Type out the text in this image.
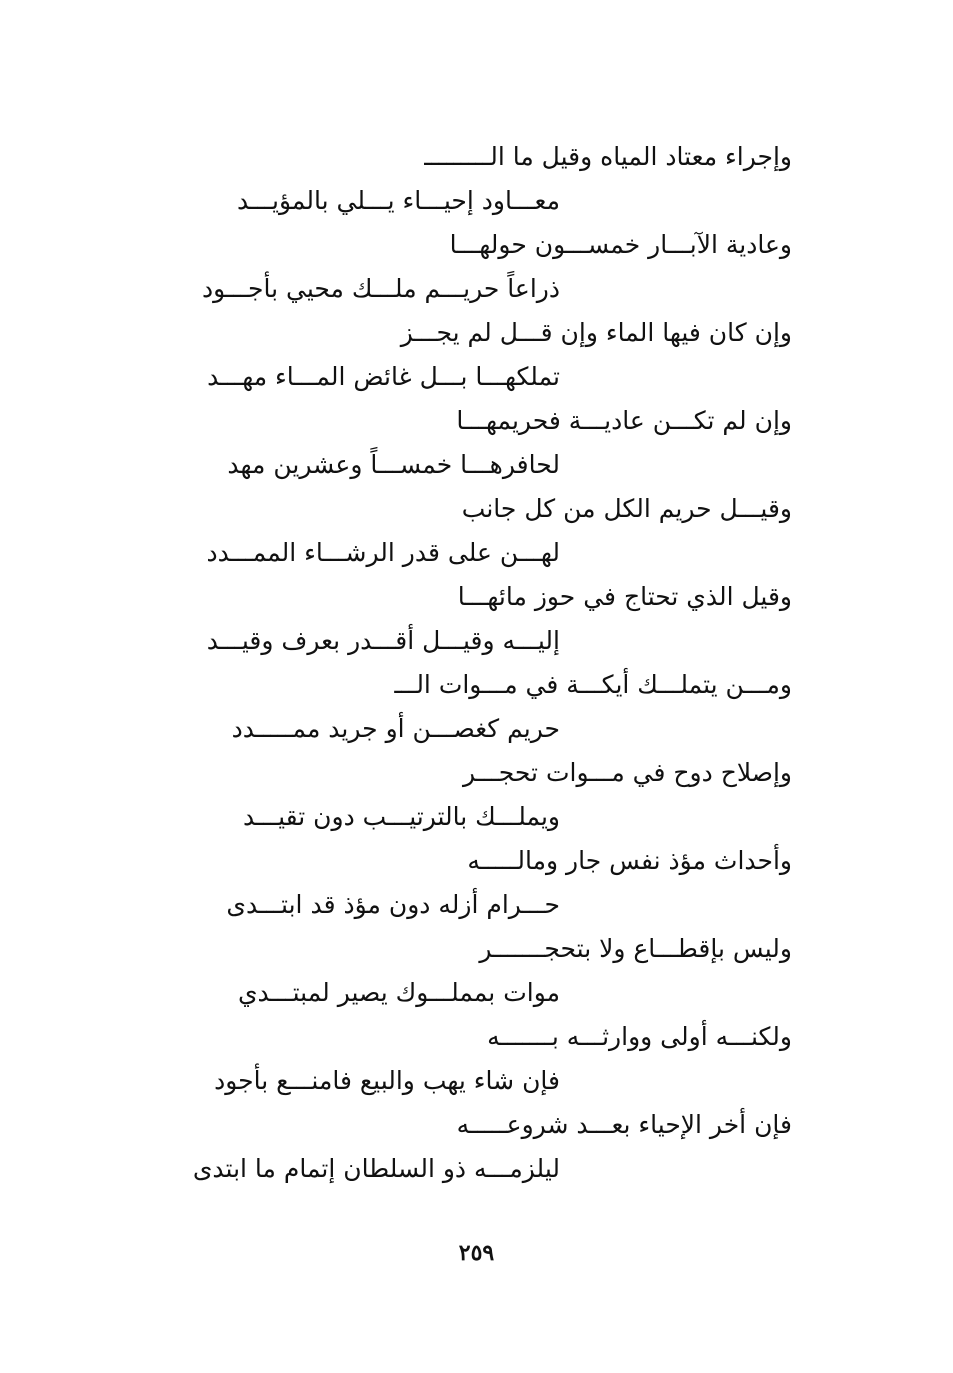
وإجراء معتاد المياه وقيل ما الـــــــــ
معـــاود إحيـــاء يـــلي بالمؤيـــد
وعادية الآبـــار خمســـون حولهـــا
ذراعاً حريـــم ملـــك محيي بأجـــود
وإن كان فيها الماء وإن قـــل لم يجـــز
تملكهـــا بـــل غائض المـــاء مهـــد
وإن لم تكـــن عاديـــة فحريمهـــا
لحافرهـــا خمســـاً وعشرين مهد
وقيـــل حريم الكل من كل جانب
لهـــن على قدر الرشـــاء الممـــدد
وقيل الذي تحتاج في حوز مائهـــا
إليـــه وقيـــل أقـــدر بعرف وقيـــد
ومـــن يتملـــك أيكـــة في مـــوات الـــ
حريم كغصـــن أو جريد ممـــــدد
وإصلاح دوح في مـــوات تحجـــر
ويملـــك بالترتيـــب دون تقيـــد
وأحداث مؤذ نفس جار ومالـــــه
حـــرام أزله دون مؤذ قد ابتـــدى
وليس بإقطـــاع ولا بتحجـــــــر
موات بمملـــوك يصير لمبتـــدي
ولكنـــه أولى ووارثـــه بـــــــه
فإن شاء يهب والبيع فامنـــع بأجود
فإن أخر الإحياء بعـــد شروعـــــه
ليلزمـــه ذو السلطان إتمام ما ابتدى
٢٥٩
